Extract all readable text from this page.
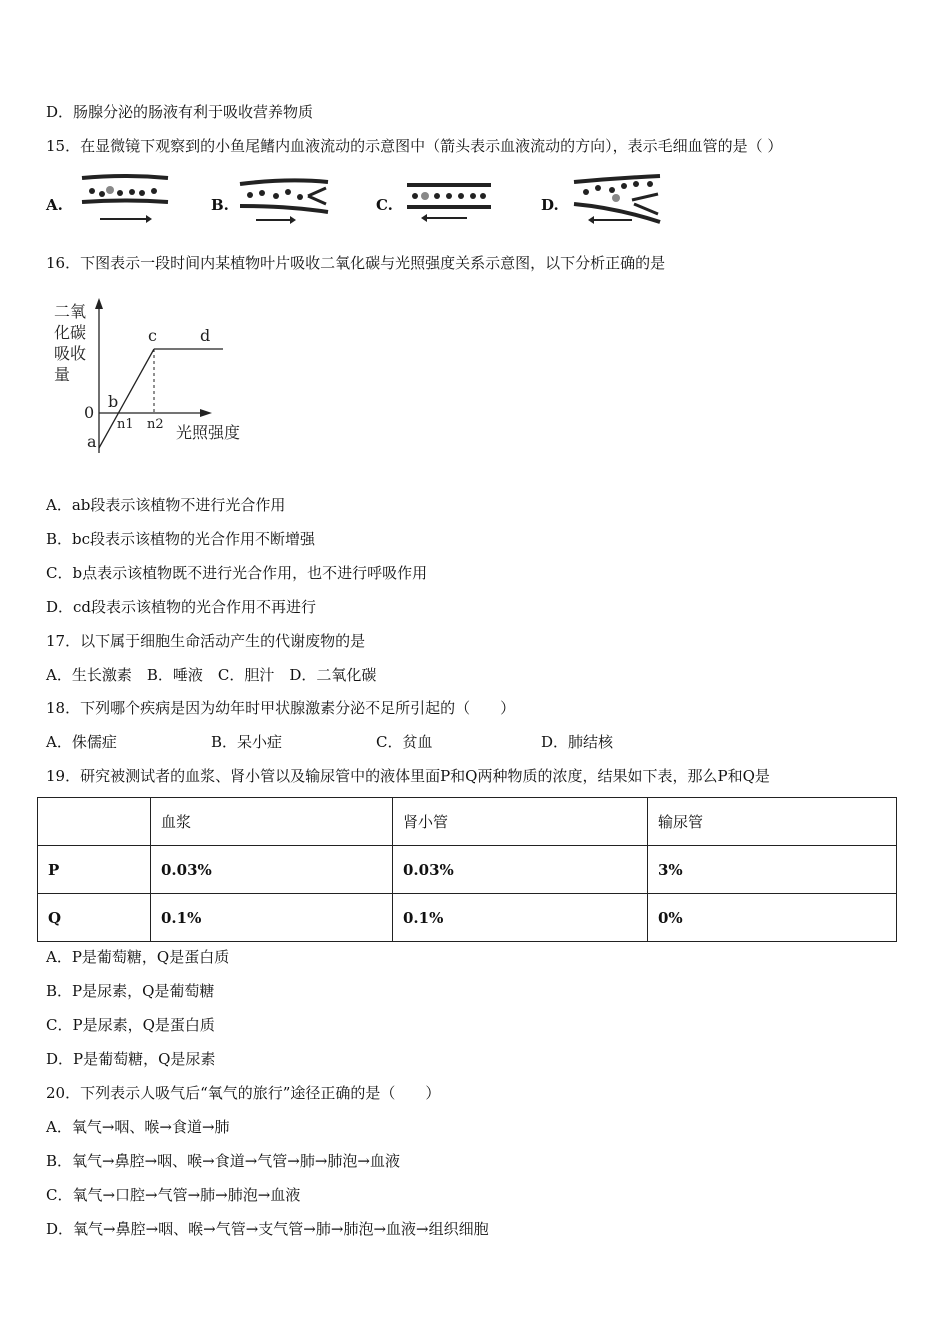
D．肠腺分泌的肠液有利于吸收营养物质
15．在显微镜下观察到的小鱼尾鳍内血液流动的示意图中（箭头表示血液流动的方向），表示毛细血管的是（ ）
A.	B.	C.	D.
16．下图表示一段时间内某植物叶片吸收二氧化碳与光照强度关系示意图，以下分析正确的是
二氧
化碳
吸收
量
0
a
b
c	d
光照强度
n1 n2
A．ab段表示该植物不进行光合作用
B．bc段表示该植物的光合作用不断增强
C．b点表示该植物既不进行光合作用，也不进行呼吸作用
D．cd段表示该植物的光合作用不再进行
17．以下属于细胞生命活动产生的代谢废物的是
A．生长激素　B．唾液　C．胆汁　D．二氧化碳
18．下列哪个疾病是因为幼年时甲状腺激素分泌不足所引起的（　　）
A．侏儒症	B．呆小症	C．贫血	D．肺结核
19．研究被测试者的血浆、肾小管以及输尿管中的液体里面P和Q两种物质的浓度，结果如下表，那么P和Q是
	血浆	肾小管	输尿管
P	0.03%	0.03%	3%
Q	0.1%	0.1%	0%
A．P是葡萄糖，Q是蛋白质
B．P是尿素，Q是葡萄糖
C．P是尿素，Q是蛋白质
D．P是葡萄糖，Q是尿素
20．下列表示人吸气后“氧气的旅行”途径正确的是（　　）
A．氧气→咽、喉→食道→肺
B．氧气→鼻腔→咽、喉→食道→气管→肺→肺泡→血液
C．氧气→口腔→气管→肺→肺泡→血液
D．氧气→鼻腔→咽、喉→气管→支气管→肺→肺泡→血液→组织细胞
